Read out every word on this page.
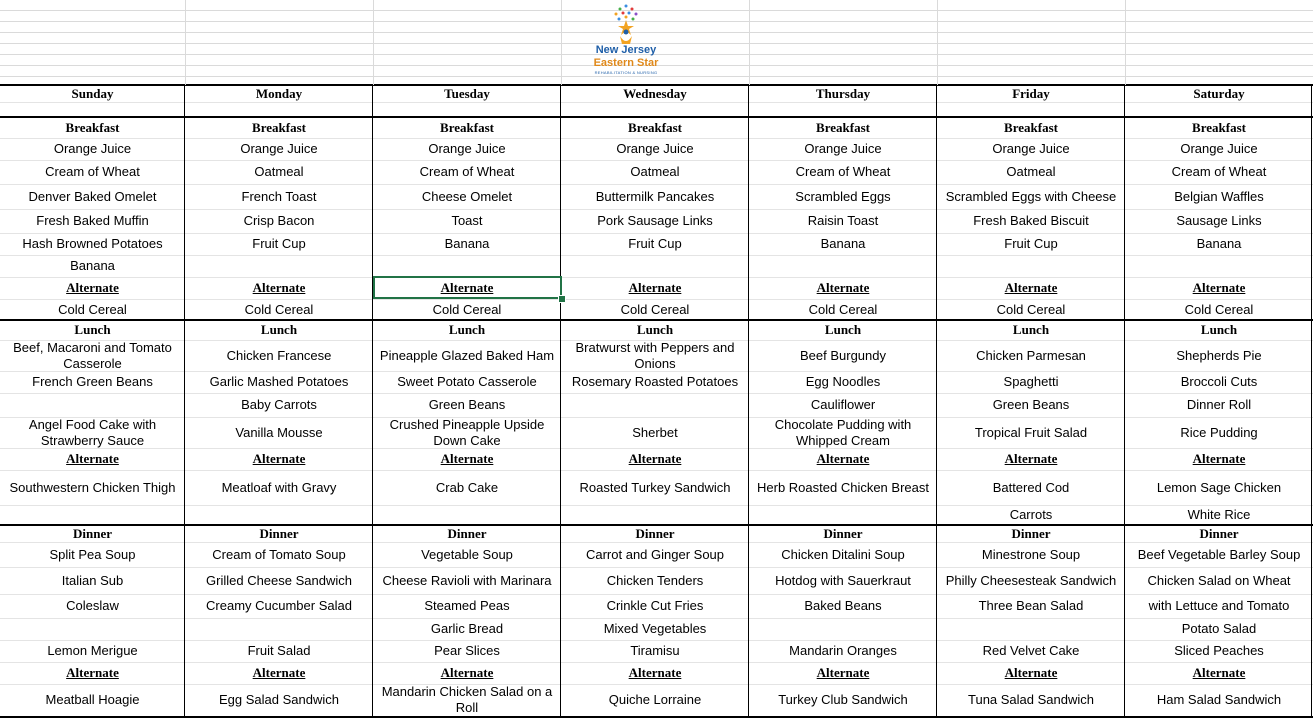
Sunday
Breakfast
Orange Juice
Cream of Wheat
Denver Baked Omelet
Fresh Baked Muffin
Hash Browned Potatoes
Banana
Alternate
Cold Cereal
Lunch
Beef, Macaroni and Tomato Casserole
French Green Beans
Angel Food Cake with Strawberry Sauce
Alternate
Southwestern Chicken Thigh
Dinner
Split Pea Soup
Italian Sub
Coleslaw
Lemon Merigue
Alternate
Meatball Hoagie
Monday
Breakfast
Orange Juice
Oatmeal
French Toast
Crisp Bacon
Fruit Cup
Alternate
Cold Cereal
Lunch
Chicken Francese
Garlic Mashed Potatoes
Baby Carrots
Vanilla Mousse
Alternate
Meatloaf with Gravy
Dinner
Cream of Tomato Soup
Grilled Cheese Sandwich
Creamy Cucumber Salad
Fruit Salad
Alternate
Egg Salad Sandwich
Tuesday
Breakfast
Orange Juice
Cream of Wheat
Cheese Omelet
Toast
Banana
Alternate
Cold Cereal
Lunch
Pineapple Glazed Baked Ham
Sweet Potato Casserole
Green Beans
Crushed Pineapple Upside Down Cake
Alternate
Crab Cake
Dinner
Vegetable Soup
Cheese Ravioli with Marinara
Steamed Peas
Garlic Bread
Pear Slices
Alternate
Mandarin Chicken Salad on a Roll
Wednesday
Breakfast
Orange Juice
Oatmeal
Buttermilk Pancakes
Pork Sausage Links
Fruit Cup
Alternate
Cold Cereal
Lunch
Bratwurst with Peppers and Onions
Rosemary Roasted Potatoes
Sherbet
Alternate
Roasted Turkey Sandwich
Dinner
Carrot and Ginger Soup
Chicken Tenders
Crinkle Cut Fries
Mixed Vegetables
Tiramisu
Alternate
Quiche Lorraine
Thursday
Breakfast
Orange Juice
Cream of Wheat
Scrambled Eggs
Raisin Toast
Banana
Alternate
Cold Cereal
Lunch
Beef Burgundy
Egg Noodles
Cauliflower
Chocolate Pudding with Whipped Cream
Alternate
Herb Roasted Chicken Breast
Dinner
Chicken Ditalini Soup
Hotdog with Sauerkraut
Baked Beans
Mandarin Oranges
Alternate
Turkey Club Sandwich
Friday
Breakfast
Orange Juice
Oatmeal
Scrambled Eggs with Cheese
Fresh Baked Biscuit
Fruit Cup
Alternate
Cold Cereal
Lunch
Chicken Parmesan
Spaghetti
Green Beans
Tropical Fruit Salad
Alternate
Battered Cod
Carrots
Dinner
Minestrone Soup
Philly Cheesesteak Sandwich
Three Bean Salad
Red Velvet Cake
Alternate
Tuna Salad Sandwich
Saturday
Breakfast
Orange Juice
Cream of Wheat
Belgian Waffles
Sausage Links
Banana
Alternate
Cold Cereal
Lunch
Shepherds Pie
Broccoli Cuts
Dinner Roll
Rice Pudding
Alternate
Lemon Sage Chicken
White Rice
Dinner
Beef Vegetable Barley Soup
Chicken Salad on Wheat
with Lettuce and Tomato
Potato Salad
Sliced Peaches
Alternate
Ham Salad Sandwich
New Jersey
Eastern Star
REHABILITATION & NURSING
